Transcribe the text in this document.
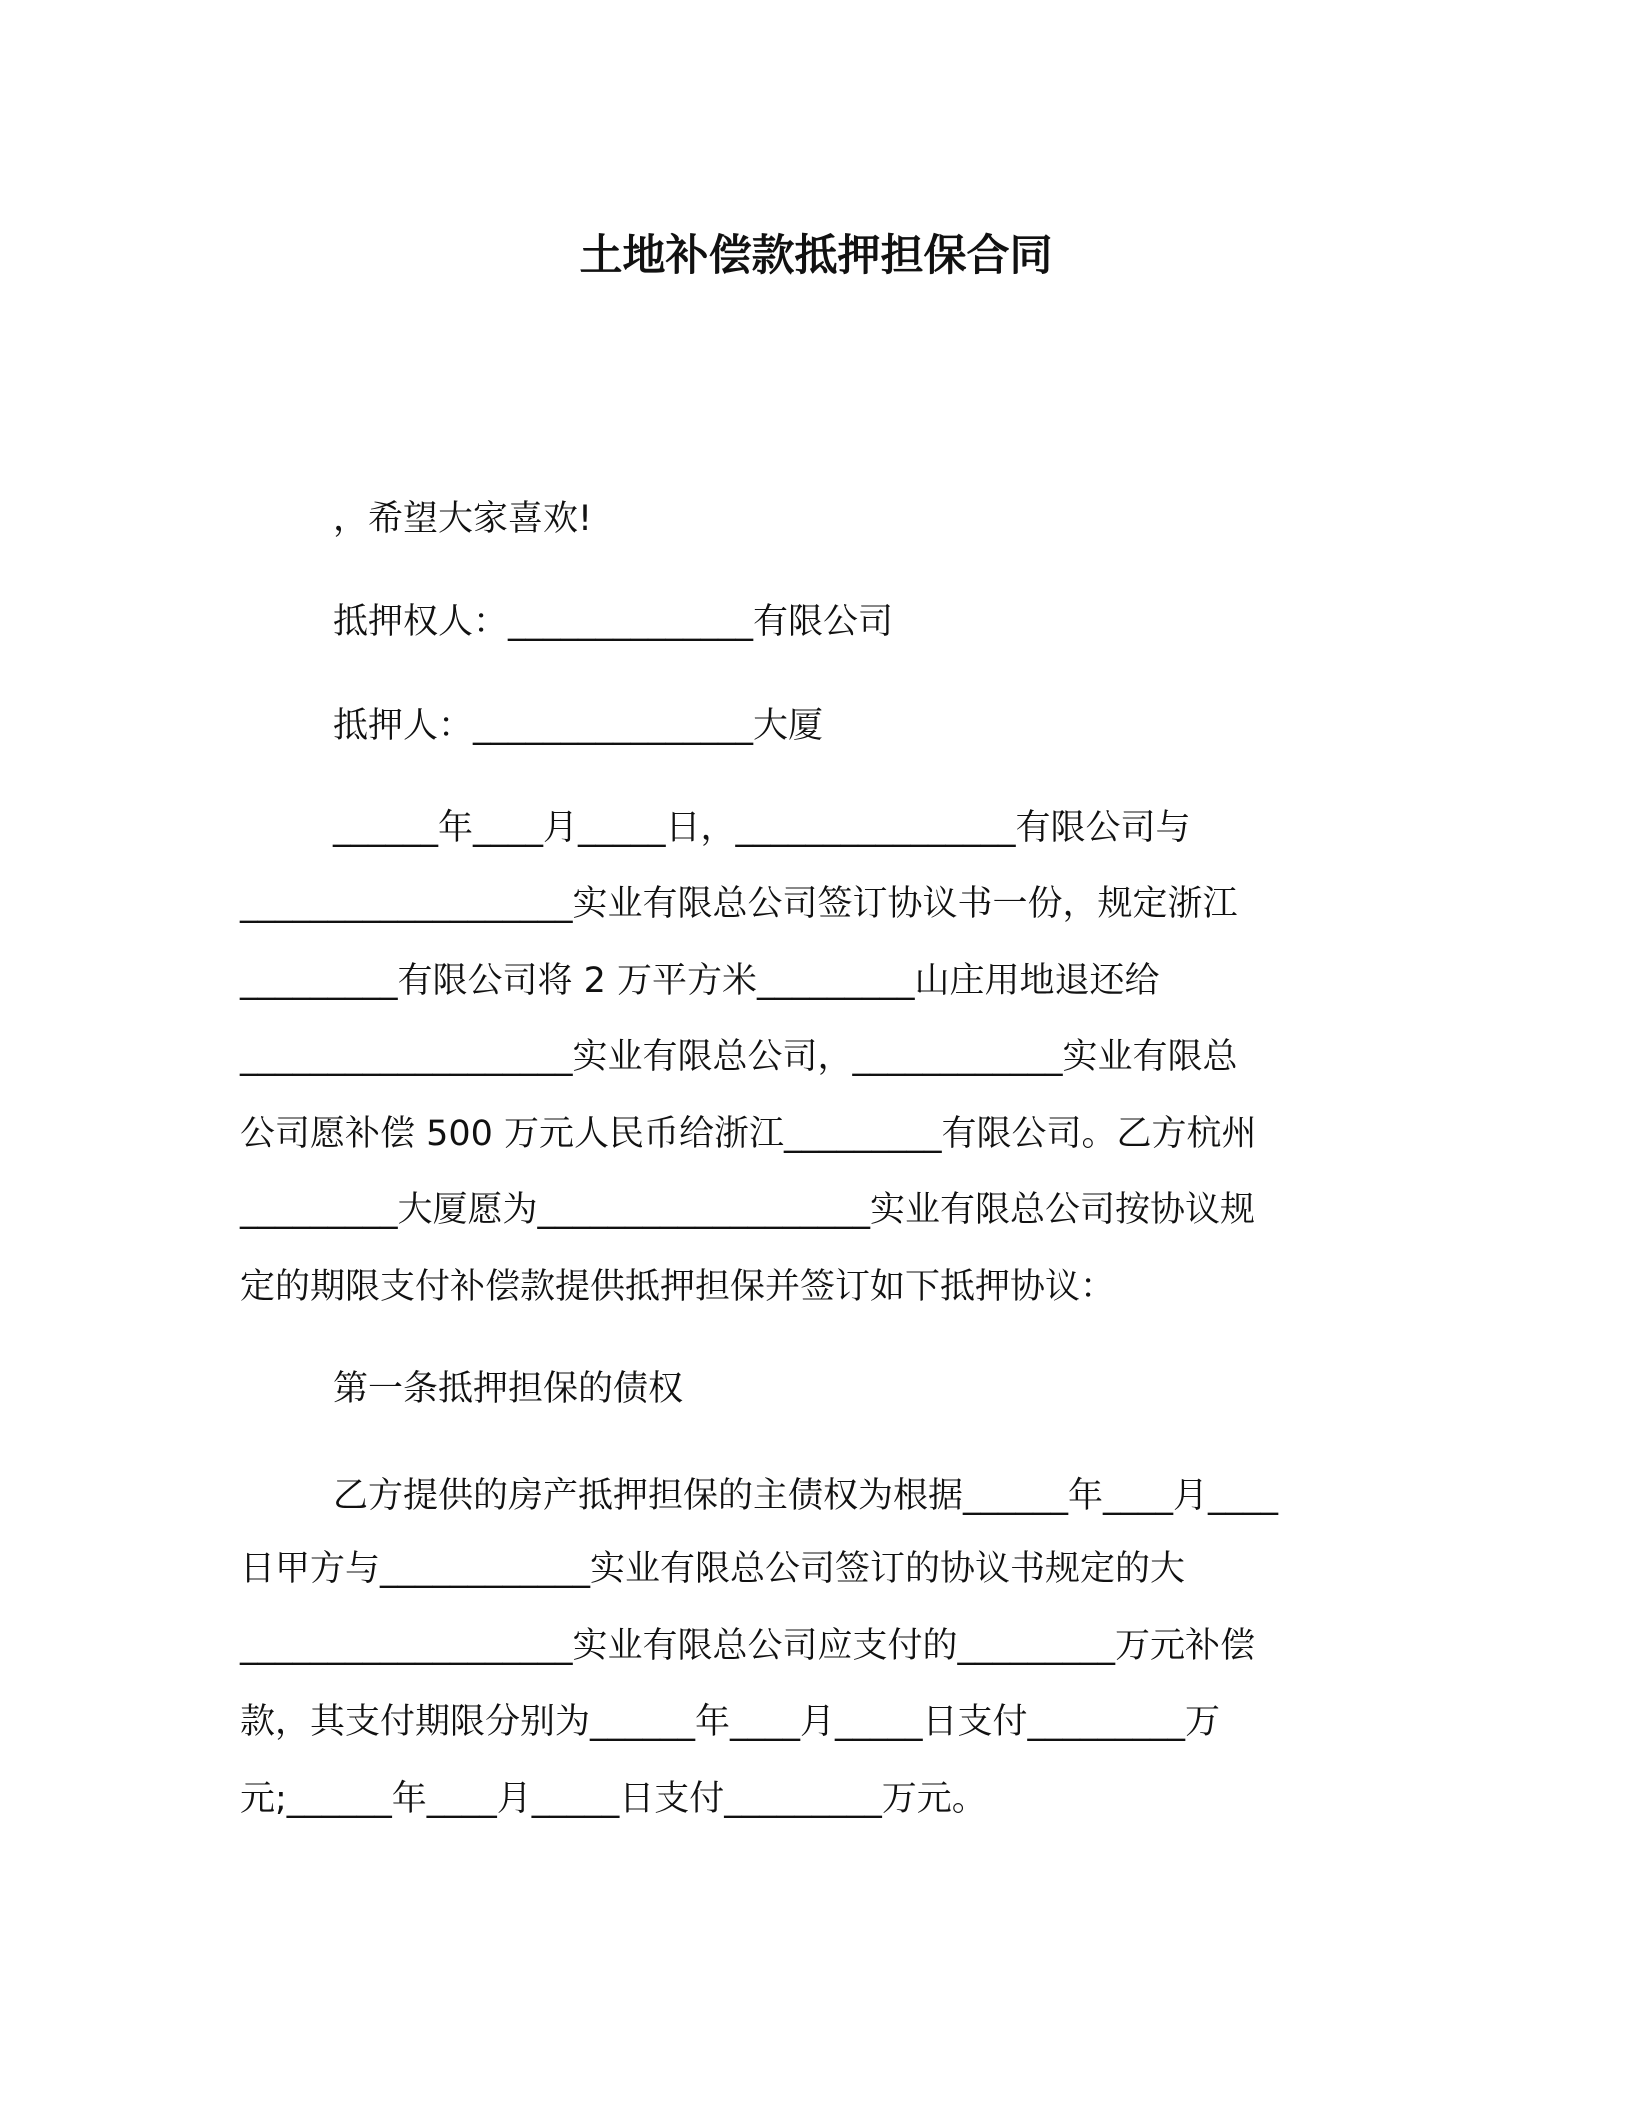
土地补偿款抵押担保合同

，希望大家喜欢!

抵押权人：______________有限公司

抵押人：________________大厦

______年____月_____日，________________有限公司与

___________________实业有限总公司签订协议书一份，规定浙江

_________有限公司将 2 万平方米_________山庄用地退还给

___________________实业有限总公司，____________实业有限总

公司愿补偿 500 万元人民币给浙江_________有限公司。乙方杭州

_________大厦愿为___________________实业有限总公司按协议规

定的期限支付补偿款提供抵押担保并签订如下抵押协议：

第一条抵押担保的债权

乙方提供的房产抵押担保的主债权为根据______年____月____

日甲方与____________实业有限总公司签订的协议书规定的大

___________________实业有限总公司应支付的_________万元补偿

款，其支付期限分别为______年____月_____日支付_________万

元;______年____月_____日支付_________万元。
